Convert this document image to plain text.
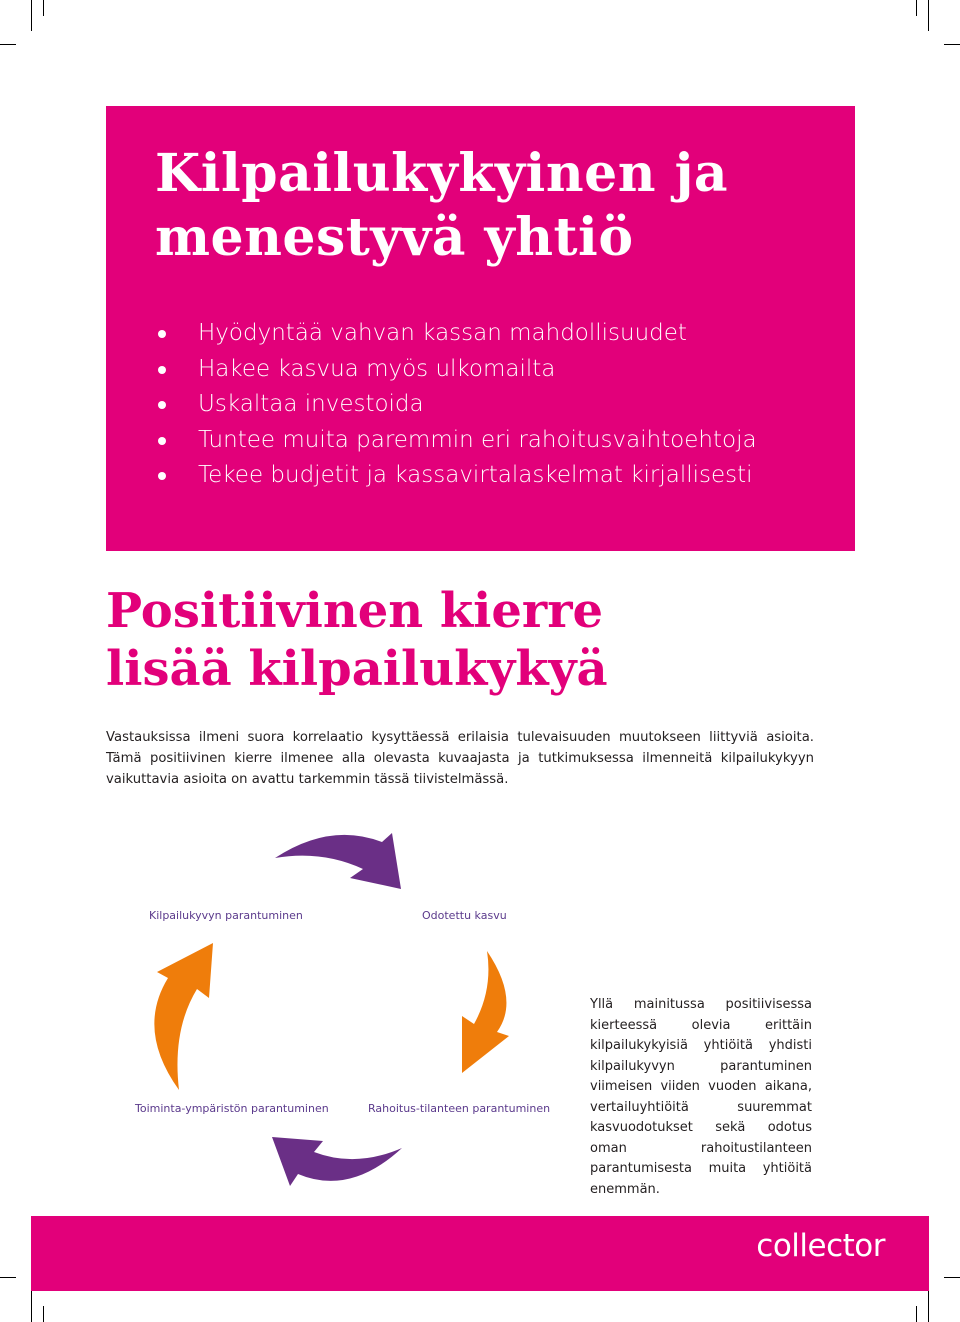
Kilpailukykyinen ja
menestyvä yhtiö
Hyödyntää vahvan kassan mahdollisuudet
Hakee kasvua myös ulkomailta
Uskaltaa investoida
Tuntee muita paremmin eri rahoitusvaihtoehtoja
Tekee budjetit ja kassavirtalaskelmat kirjallisesti
Positiivinen kierre
lisää kilpailukykyä

Vastauksissa ilmeni suora korrelaatio kysyttäessä erilaisia tulevaisuuden muutokseen liittyviä asioita. Tämä positiivinen kierre ilmenee alla olevasta kuvaajasta ja tutkimuksessa ilmenneitä kilpailukykyyn vaikuttavia asioita on avattu tarkemmin tässä tiivistelmässä.

Kilpailukyvyn parantuminen	Odotettu kasvu
Toiminta-ympäristön parantuminen	Rahoitus-tilanteen parantuminen

Yllä mainitussa positiivisessa kierteessä olevia erittäin kilpailukykyisiä yhtiöitä yhdisti kilpailukyvyn parantuminen viimeisen viiden vuoden aikana, vertailuyhtiöitä suuremmat kasvuodotukset sekä odotus oman rahoitustilanteen parantumisesta muita yhtiöitä enemmän.

collector
